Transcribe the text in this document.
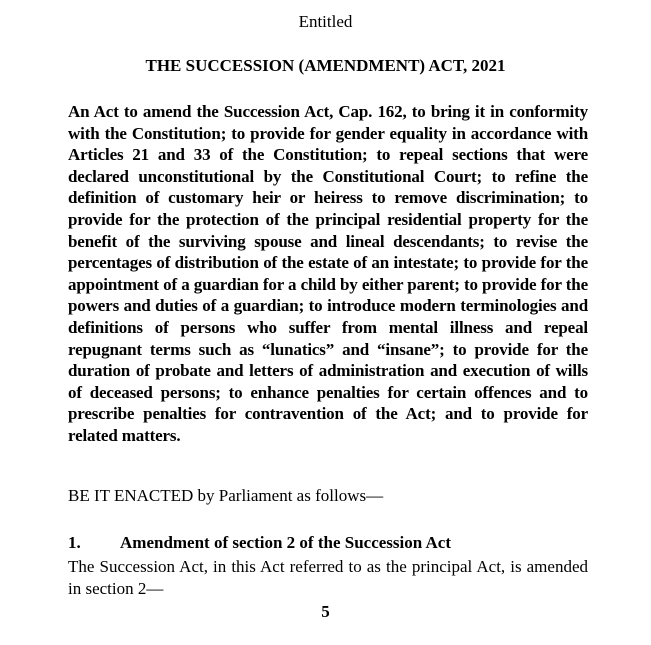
Entitled
THE SUCCESSION (AMENDMENT) ACT, 2021

An Act to amend the Succession Act, Cap. 162, to bring it in conformity with the Constitution; to provide for gender equality in accordance with Articles 21 and 33 of the Constitution; to repeal sections that were declared unconstitutional by the Constitutional Court; to refine the definition of customary heir or heiress to remove discrimination; to provide for the protection of the principal residential property for the benefit of the surviving spouse and lineal descendants; to revise the percentages of distribution of the estate of an intestate; to provide for the appointment of a guardian for a child by either parent; to provide for the powers and duties of a guardian; to introduce modern terminologies and definitions of persons who suffer from mental illness and repeal repugnant terms such as “lunatics” and “insane”; to provide for the duration of probate and letters of administration and execution of wills of deceased persons; to enhance penalties for certain offences and to prescribe penalties for contravention of the Act; and to provide for related matters.

BE IT ENACTED by Parliament as follows—

1. Amendment of section 2 of the Succession Act

The Succession Act, in this Act referred to as the principal Act, is amended in section 2—

5
